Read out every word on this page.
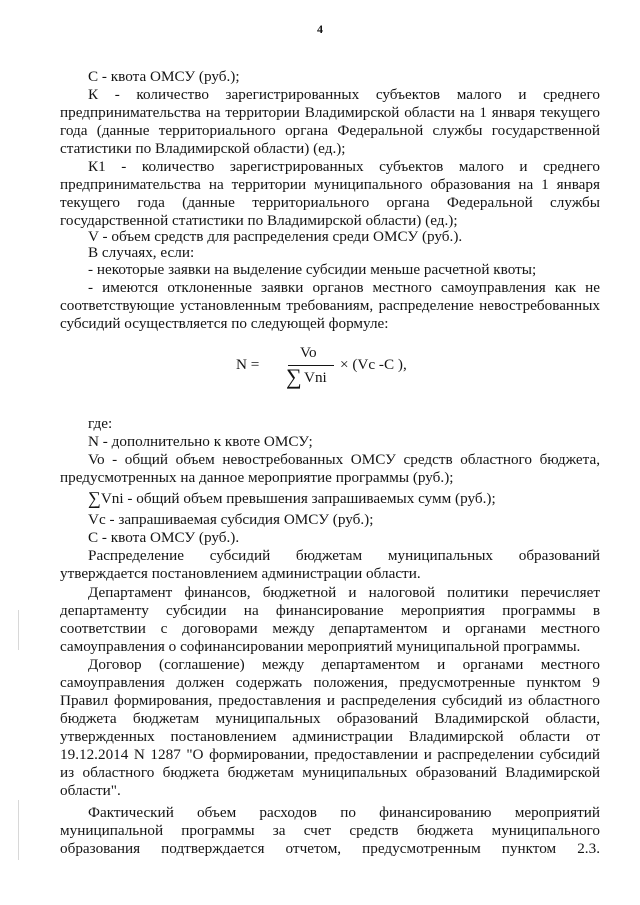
4
С - квота ОМСУ (руб.);
К - количество зарегистрированных субъектов малого и среднего
предпринимательства на территории Владимирской области на 1 января текущего
года (данные территориального органа Федеральной службы государственной
статистики по Владимирской области) (ед.);
К1 - количество зарегистрированных субъектов малого и среднего
предпринимательства на территории муниципального образования на 1 января
текущего года (данные территориального органа Федеральной службы
государственной статистики по Владимирской области) (ед.);
V - объем средств для распределения среди ОМСУ (руб.).
В случаях, если:
- некоторые заявки на выделение субсидии меньше расчетной квоты;
- имеются отклоненные заявки органов местного самоуправления как не
соответствующие установленным требованиям, распределение невостребованных
субсидий осуществляется по следующей формуле:
N =
Vo
∑ Vni
× (Vc -C ),
где:
N - дополнительно к квоте ОМСУ;
Vo - общий объем невостребованных ОМСУ средств областного бюджета,
предусмотренных на данное мероприятие программы (руб.);
∑Vni - общий объем превышения запрашиваемых сумм (руб.);
Vc - запрашиваемая субсидия ОМСУ (руб.);
С - квота ОМСУ (руб.).
Распределение субсидий бюджетам муниципальных образований
утверждается постановлением администрации области.
Департамент финансов, бюджетной и налоговой политики перечисляет
департаменту субсидии на финансирование мероприятия программы в
соответствии с договорами между департаментом и органами местного
самоуправления о софинансировании мероприятий муниципальной программы.
Договор (соглашение) между департаментом и органами местного
самоуправления должен содержать положения, предусмотренные пунктом 9
Правил формирования, предоставления и распределения субсидий из областного
бюджета бюджетам муниципальных образований Владимирской области,
утвержденных постановлением администрации Владимирской области от
19.12.2014 N 1287 "О формировании, предоставлении и распределении субсидий
из областного бюджета бюджетам муниципальных образований Владимирской
области".
Фактический объем расходов по финансированию мероприятий
муниципальной программы за счет средств бюджета муниципального
образования подтверждается отчетом, предусмотренным пунктом 2.3.
